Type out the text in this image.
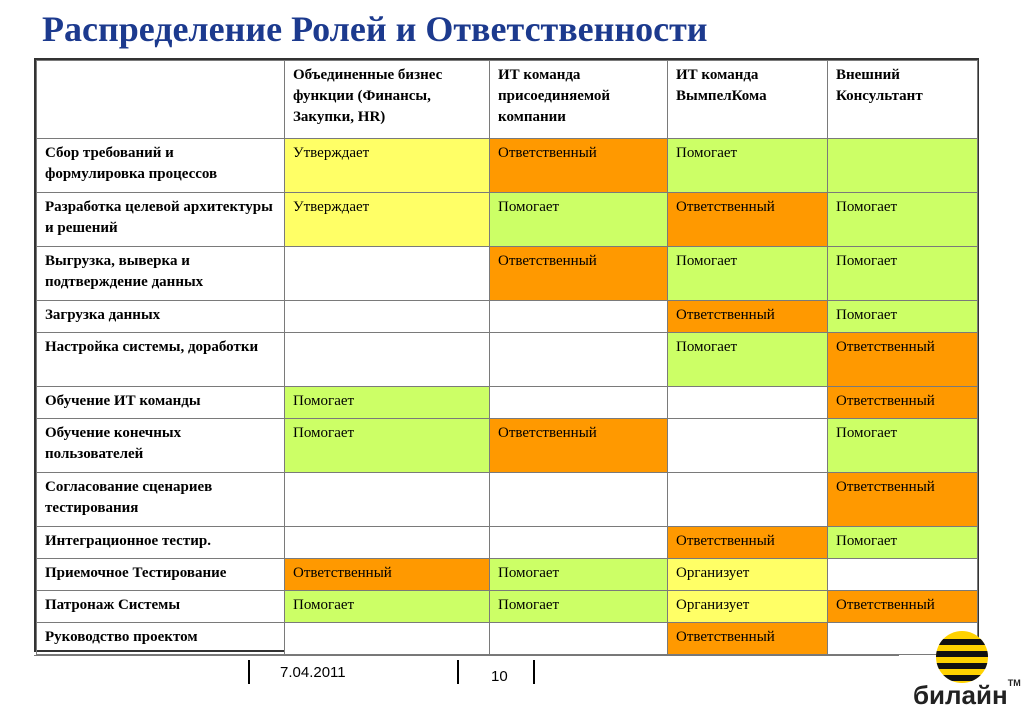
Распределение Ролей и Ответственности
	Объединенные бизнес функции (Финансы, Закупки, HR)	ИТ команда присоединяемой компании	ИТ команда ВымпелКома	Внешний Консультант
Сбор требований и формулировка процессов	Утверждает	Ответственный	Помогает	
Разработка целевой архитектуры и решений	Утверждает	Помогает	Ответственный	Помогает
Выгрузка, выверка и подтверждение данных		Ответственный	Помогает	Помогает
Загрузка данных			Ответственный	Помогает
Настройка системы, доработки			Помогает	Ответственный
Обучение ИТ команды	Помогает			Ответственный
Обучение конечных пользователей	Помогает	Ответственный		Помогает
Согласование сценариев тестирования				Ответственный
Интеграционное тестир.			Ответственный	Помогает
Приемочное Тестирование	Ответственный	Помогает	Организует	
Патронаж Системы	Помогает	Помогает	Организует	Ответственный
Руководство проектом			Ответственный	
7.04.2011	10
билайн$^{ТМ}$
